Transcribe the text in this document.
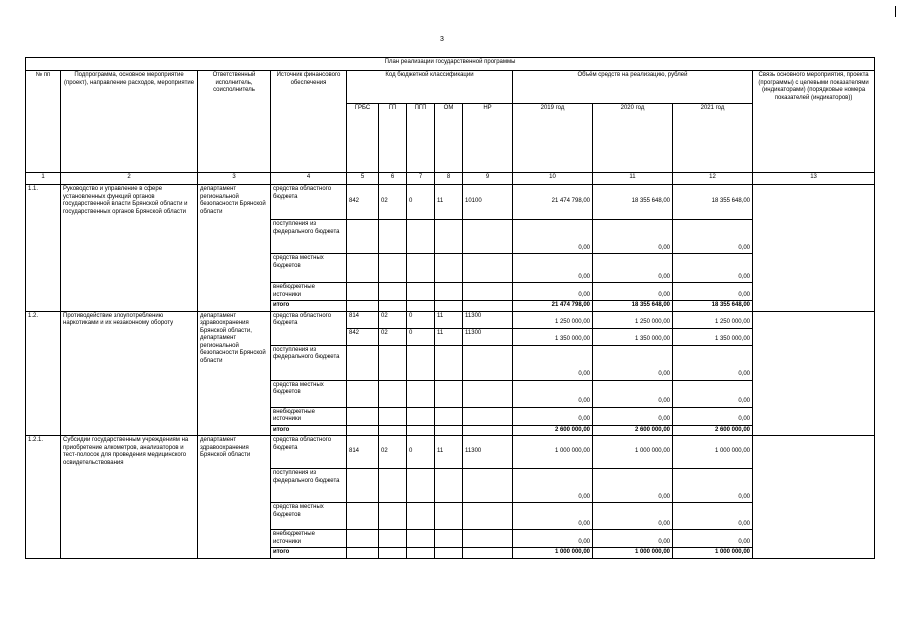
3
План реализации государственной программы												
№ пп	Подпрограмма, основное мероприятие (проект), направление расходов, мероприятие	Ответственный исполнитель, соисполнитель	Источник финансового обеспечения	Код бюджетной классификации					Объём средств на реализацию, рублей			Связь основного мероприятия, проекта (программы) с целевыми показателями (индикаторами) (порядковые номера показателей (индикаторов))
				ГРБС	ГП	ПГП	ОМ	НР	2019 год	2020 год	2021 год	
1	2	3	4	5	6	7	8	9	10	11	12	13
1.1.	Руководство и управление в сфере установленных функций органов государственной власти Брянской области и государственных органов Брянской области	департамент региональной безопасности Брянской области	средства областного бюджета	842	02	0	11	10100	21 474 798,00	18 355 648,00	18 355 648,00	
			поступления из федерального бюджета						0,00	0,00	0,00	
			средства местных бюджетов						0,00	0,00	0,00	
			внебюджетные источники						0,00	0,00	0,00	
			итого						21 474 798,00	18 355 648,00	18 355 648,00	
1.2.	Противодействие злоупотреблению наркотиками и их незаконному обороту	департамент здравоохранения Брянской области, департамент региональной безопасности Брянской области	средства областного бюджета	814	02	0	11	11300	1 250 000,00	1 250 000,00	1 250 000,00	
				842	02	0	11	11300	1 350 000,00	1 350 000,00	1 350 000,00	
			поступления из федерального бюджета						0,00	0,00	0,00	
			средства местных бюджетов						0,00	0,00	0,00	
			внебюджетные источники						0,00	0,00	0,00	
			итого						2 600 000,00	2 600 000,00	2 600 000,00	
1.2.1.	Субсидии государственным учреждениям на приобретение алкометров, анализаторов и тест-полосок для проведения медицинского освидетельствования	департамент здравоохранения Брянской области	средства областного бюджета	814	02	0	11	11300	1 000 000,00	1 000 000,00	1 000 000,00	
			поступления из федерального бюджета						0,00	0,00	0,00	
			средства местных бюджетов						0,00	0,00	0,00	
			внебюджетные источники						0,00	0,00	0,00	
			итого						1 000 000,00	1 000 000,00	1 000 000,00	
